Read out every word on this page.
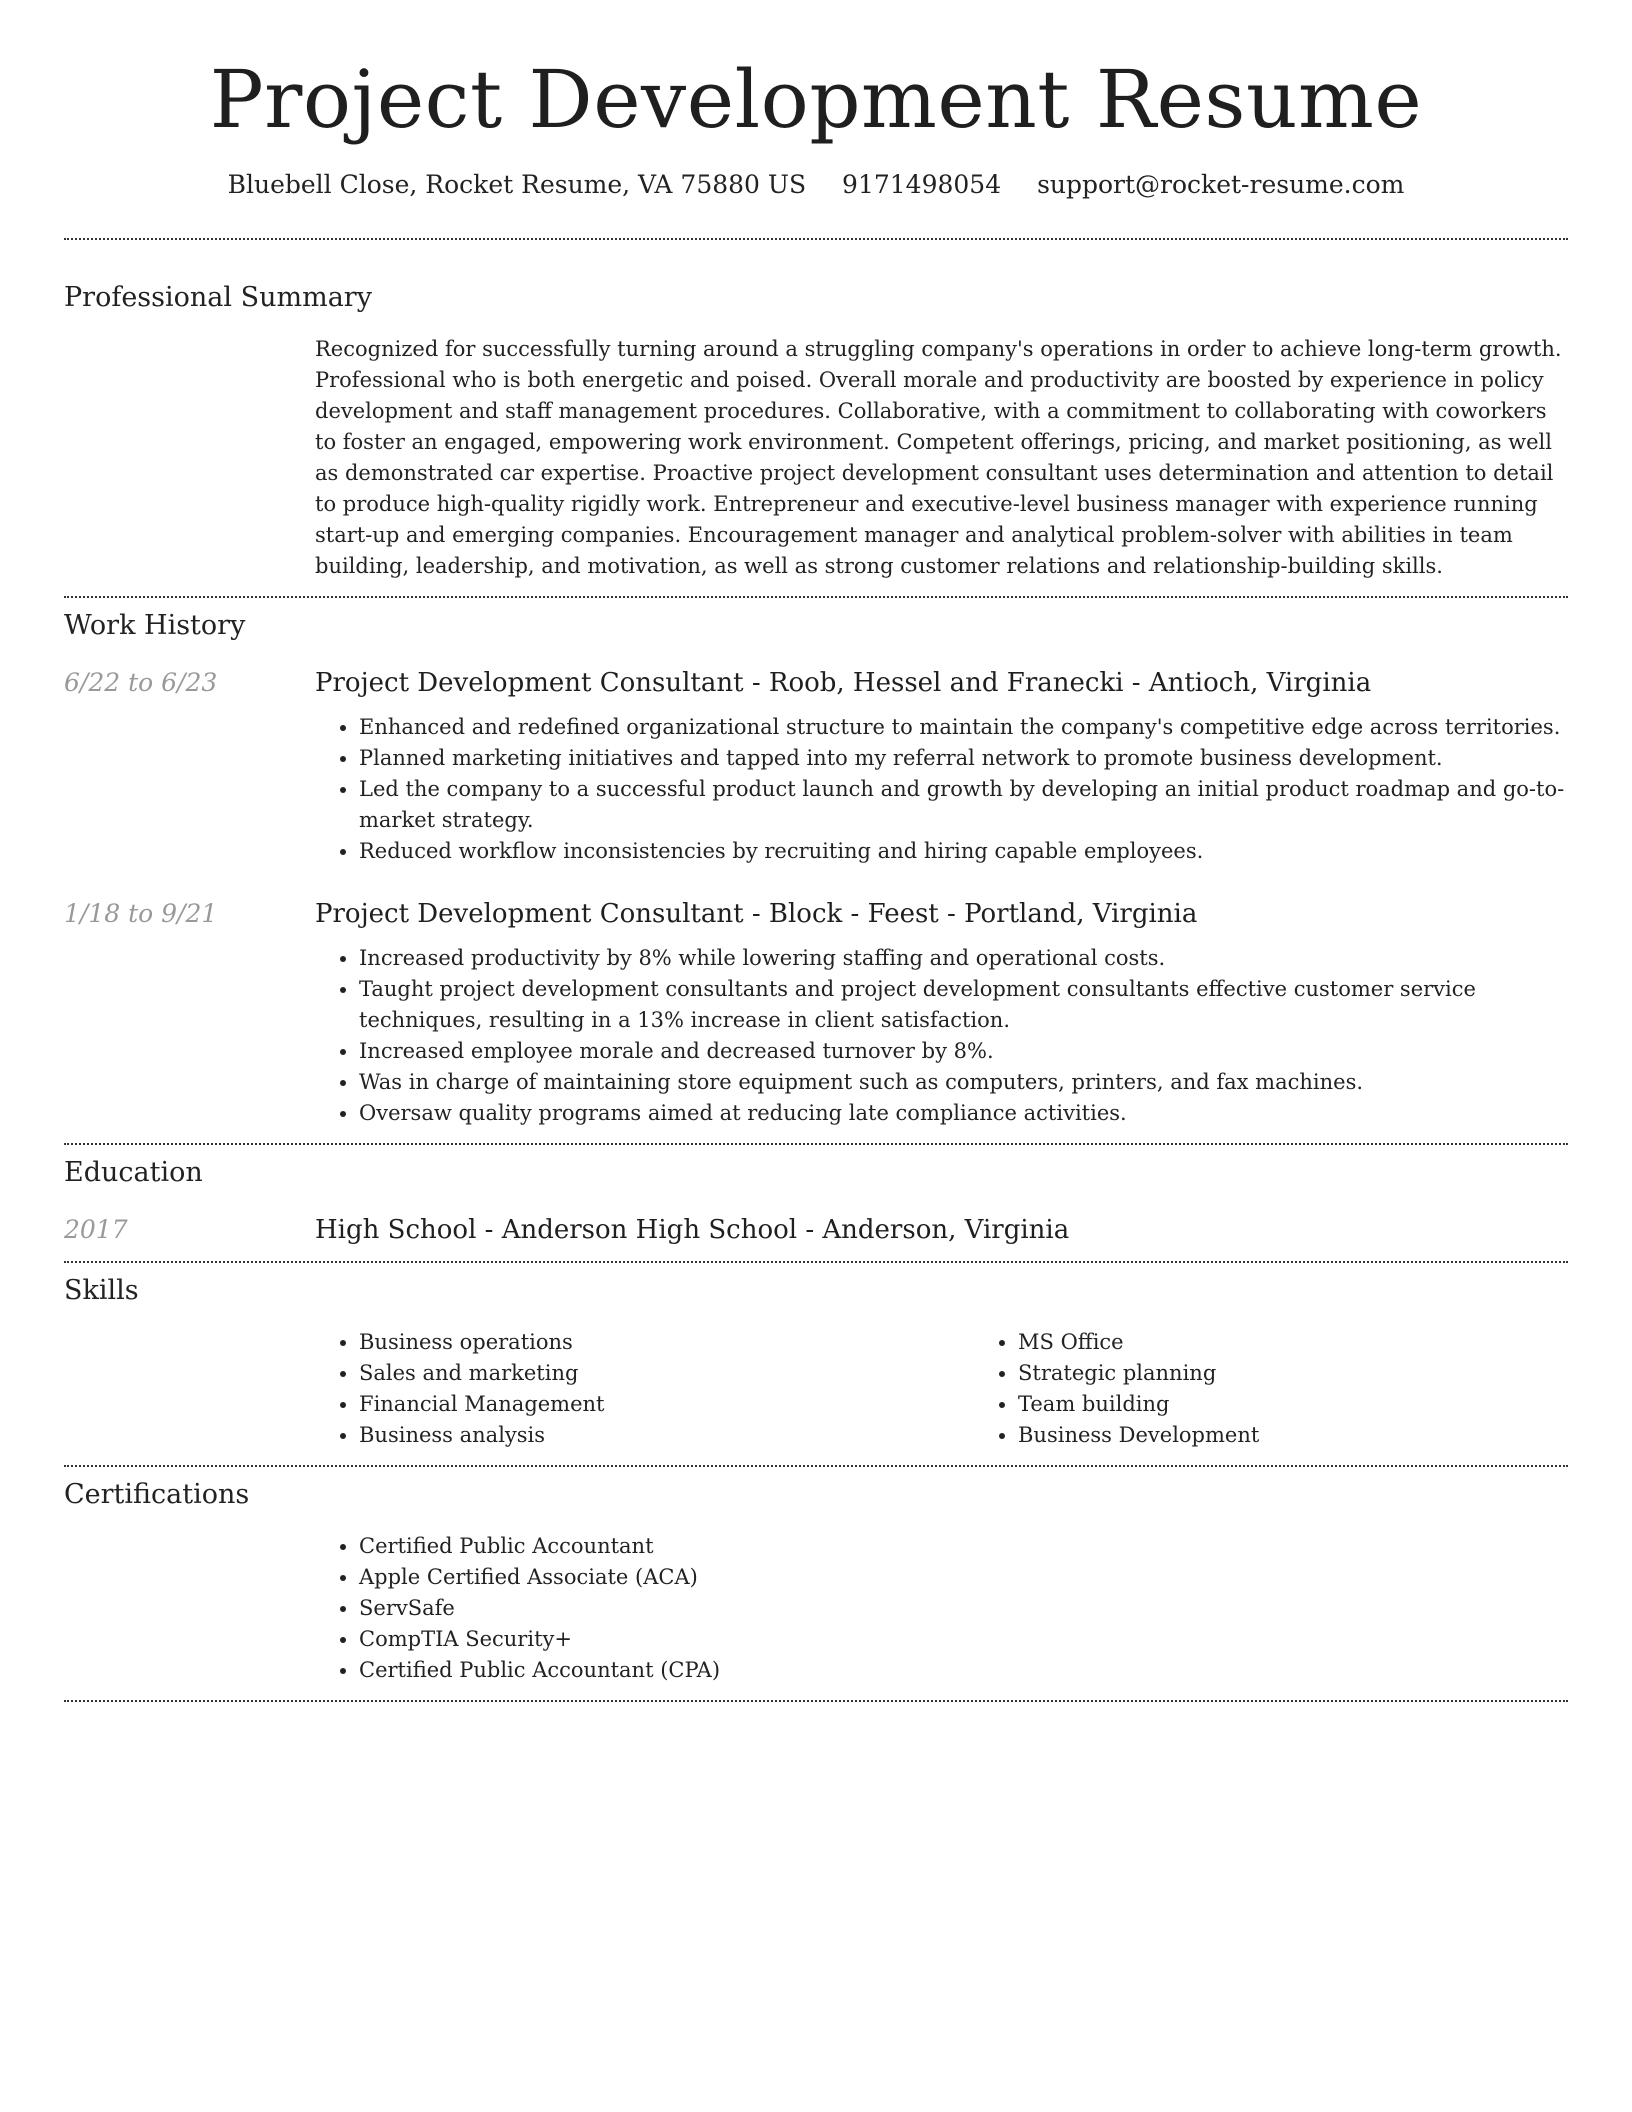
Project Development Resume
Bluebell Close, Rocket Resume, VA 75880 US 9171498054 support@rocket-resume.com
Professional Summary

Recognized for successfully turning around a struggling company's operations in order to achieve long-term growth. Professional who is both energetic and poised. Overall morale and productivity are boosted by experience in policy development and staff management procedures. Collaborative, with a commitment to collaborating with coworkers to foster an engaged, empowering work environment. Competent offerings, pricing, and market positioning, as well as demonstrated car expertise. Proactive project development consultant uses determination and attention to detail to produce high-quality rigidly work. Entrepreneur and executive-level business manager with experience running start-up and emerging companies. Encouragement manager and analytical problem-solver with abilities in team building, leadership, and motivation, as well as strong customer relations and relationship-building skills.

Work History
6/22 to 6/23	Project Development Consultant - Roob, Hessel and Franecki - Antioch, Virginia
• Enhanced and redefined organizational structure to maintain the company's competitive edge across territories.
• Planned marketing initiatives and tapped into my referral network to promote business development.
• Led the company to a successful product launch and growth by developing an initial product roadmap and go-to-market strategy.
• Reduced workflow inconsistencies by recruiting and hiring capable employees.
1/18 to 9/21	Project Development Consultant - Block - Feest - Portland, Virginia
• Increased productivity by 8% while lowering staffing and operational costs.
• Taught project development consultants and project development consultants effective customer service techniques, resulting in a 13% increase in client satisfaction.
• Increased employee morale and decreased turnover by 8%.
• Was in charge of maintaining store equipment such as computers, printers, and fax machines.
• Oversaw quality programs aimed at reducing late compliance activities.
Education
2017	High School - Anderson High School - Anderson, Virginia
Skills
• Business operations
• Sales and marketing
• Financial Management
• Business analysis
• MS Office
• Strategic planning
• Team building
• Business Development
Certifications
• Certified Public Accountant
• Apple Certified Associate (ACA)
• ServSafe
• CompTIA Security+
• Certified Public Accountant (CPA)
